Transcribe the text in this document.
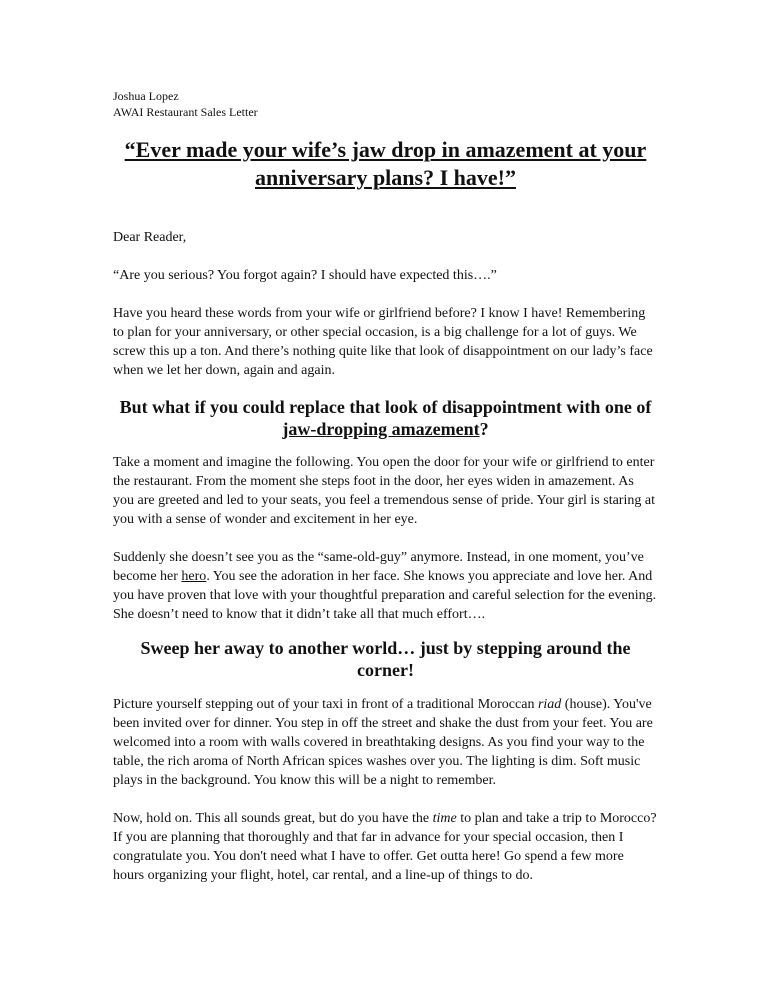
Joshua Lopez

AWAI Restaurant Sales Letter

“Ever made your wife’s jaw drop in amazement at your
anniversary plans? I have!”

Dear Reader,

“Are you serious? You forgot again? I should have expected this….”

Have you heard these words from your wife or girlfriend before? I know I have! Remembering to plan for your anniversary, or other special occasion, is a big challenge for a lot of guys. We screw this up a ton. And there’s nothing quite like that look of disappointment on our lady’s face when we let her down, again and again.

But what if you could replace that look of disappointment with one of
jaw-dropping amazement?

Take a moment and imagine the following. You open the door for your wife or girlfriend to enter the restaurant. From the moment she steps foot in the door, her eyes widen in amazement. As you are greeted and led to your seats, you feel a tremendous sense of pride. Your girl is staring at you with a sense of wonder and excitement in her eye.

Suddenly she doesn’t see you as the “same-old-guy” anymore. Instead, in one moment, you’ve become her hero. You see the adoration in her face. She knows you appreciate and love her. And you have proven that love with your thoughtful preparation and careful selection for the evening. She doesn’t need to know that it didn’t take all that much effort….

Sweep her away to another world… just by stepping around the corner!

Picture yourself stepping out of your taxi in front of a traditional Moroccan riad (house). You've been invited over for dinner. You step in off the street and shake the dust from your feet. You are welcomed into a room with walls covered in breathtaking designs. As you find your way to the table, the rich aroma of North African spices washes over you. The lighting is dim. Soft music plays in the background. You know this will be a night to remember.

Now, hold on. This all sounds great, but do you have the time to plan and take a trip to Morocco? If you are planning that thoroughly and that far in advance for your special occasion, then I congratulate you. You don't need what I have to offer. Get outta here! Go spend a few more hours organizing your flight, hotel, car rental, and a line-up of things to do.
